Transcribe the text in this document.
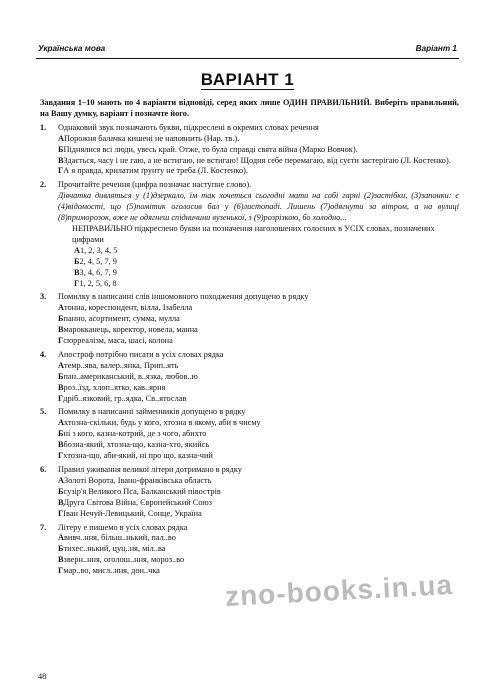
Українська мова	Варіант 1
ВАРІАНТ 1
Завдання 1–10 мають по 4 варіанти відповіді, серед яких лише ОДИН ПРАВИЛЬНИЙ. Виберіть правильний, на Вашу думку, варіант і позначте його.
1. Однаковий звук позначають букви, підкреслені в окремих словах речення
АПорожня балачка кишені не наповнить (Нар. тв.).
БПіднялися всі люди, увесь край. Отже, то була справді свята війна (Марко Вовчок).
ВЗдається, часу і не гаю, а не встигаю, не встигаю! Щодня себе перемагаю, від суєти застерігаю (Л. Костенко).
ГА я правда, крилатим ґрунту не треба (Л. Костенко).
2. Прочитайте речення (цифра позначає наступне слово).
Дівчатка дивляться у (1)дзеркало, їм так хочеться сьогодні мати на собі гарні (2)застібки, (3)запонки: є (4)відомості, що (5)помітик оголосив бал у (6)листопаді. Лишень (7)одягнути за вітром, а на вулиці (8)приморозок, вже не одягнеш спідничини вузенької, з (9)розрізкою, бо холодно...
НЕПРАВИЛЬНО підкреслено букви на позначення наголошених голосних в УСІХ словах, позначених цифрами
А1, 2, 3, 4, 5
Б2, 4, 5, 7, 9
В3, 4, 6, 7, 9
Г1, 2, 5, 6, 8
3. Помилку в написанні слів іншомовного походження допущено в рядку
Атонна, кореспондент, вілла, Ізабелла
Бпанно, асортимент, сумма, мулла
Вмарокканець, коректор, новела, манна
Гсюрреалізм, маса, шасі, колона
4. Апостроф потрібно писати в усіх словах рядка
Атемр..ява, валер..янка, Прип..ять
Бпан..американський, в..язка, любов..ю
Вроз..їзд, хлоп..ятко, кав..ярня
Гдріб..язковий, гр..ядка, Св..ятослав
5. Помилку в написанні займенників допущено в рядку
Ахтозна-скільки, будь у кого, хтозна в якому, аби в чиєму
Бні з кого, казна-котрий, де з чого, абихто
Вбозна-який, хтозна-що, казна-хто, якийсь
Гхтозна-що, аби-який, ні про що, казна-чий
6. Правил уживання великої літери дотримано в рядку
АЗолоті Ворота, Івано-франківська область
Бсузір'я Великого Пса, Балканський півострів
ВДруга Світова Війна, Європейський Союз
ГІван Нечуй-Левицький, Сонце, Україна
7. Літеру е пишемо в усіх словах рядка
Авивч..ння, більш..нький, пал..во
Бтихес..нький, цуц..ня, міл..ва
Взверн..ння, оголош..ння, мороз..во
Гмар..во, мисл..ння, дон..чка	zno-books.in.ua
48
